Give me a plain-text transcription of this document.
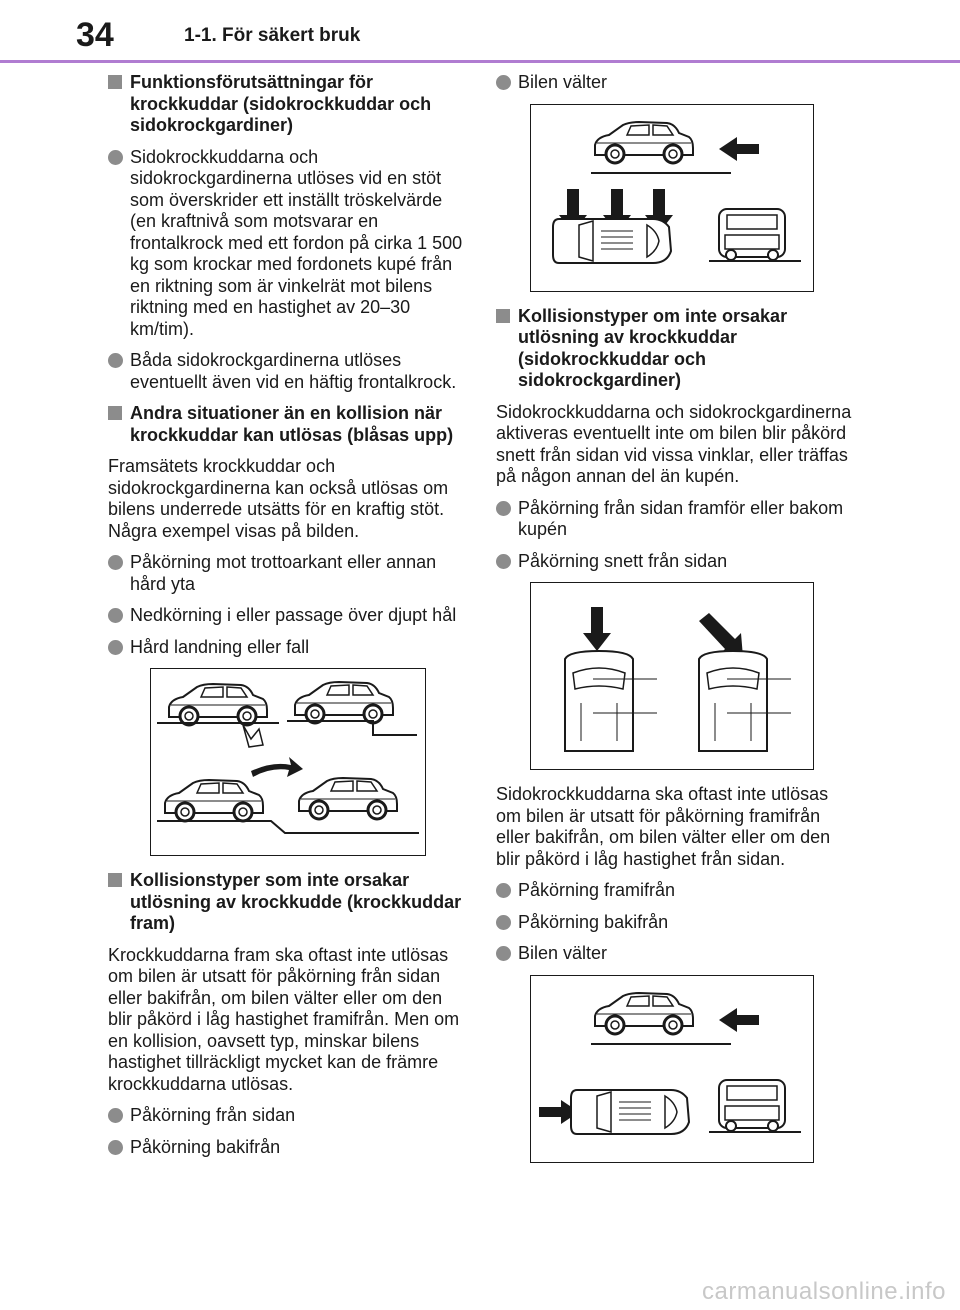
34	1-1. För säkert bruk
Funktionsförutsättningar för krockkuddar (sidokrockkuddar och sidokrockgardiner)
Sidokrockkuddarna och sidokrockgardinerna utlöses vid en stöt som överskrider ett inställt tröskelvärde (en kraftnivå som motsvarar en frontalkrock med ett fordon på cirka 1 500 kg som krockar med fordonets kupé från en riktning som är vinkelrät mot bilens riktning med en hastighet av 20–30 km/tim).
Båda sidokrockgardinerna utlöses eventuellt även vid en häftig frontalkrock.
Andra situationer än en kollision när krockkuddar kan utlösas (blåsas upp)
Framsätets krockkuddar och sidokrockgardinerna kan också utlösas om bilens underrede utsätts för en kraftig stöt. Några exempel visas på bilden.
Påkörning mot trottoarkant eller annan hård yta
Nedkörning i eller passage över djupt hål
Hård landning eller fall
Kollisionstyper som inte orsakar utlösning av krockkudde (krockkuddar fram)
Krockkuddarna fram ska oftast inte utlösas om bilen är utsatt för påkörning från sidan eller bakifrån, om bilen välter eller om den blir påkörd i låg hastighet framifrån. Men om en kollision, oavsett typ, minskar bilens hastighet tillräckligt mycket kan de främre krockkuddarna utlösas.
Påkörning från sidan
Påkörning bakifrån
Bilen välter
Kollisionstyper om inte orsakar utlösning av krockkuddar (sidokrockkuddar och sidokrockgardiner)
Sidokrockkuddarna och sidokrockgardinerna aktiveras eventuellt inte om bilen blir påkörd snett från sidan vid vissa vinklar, eller träffas på någon annan del än kupén.
Påkörning från sidan framför eller bakom kupén
Påkörning snett från sidan
Sidokrockkuddarna ska oftast inte utlösas om bilen är utsatt för påkörning framifrån eller bakifrån, om bilen välter eller om den blir påkörd i låg hastighet från sidan.
Påkörning framifrån
Påkörning bakifrån
Bilen välter
carmanualsonline.info
